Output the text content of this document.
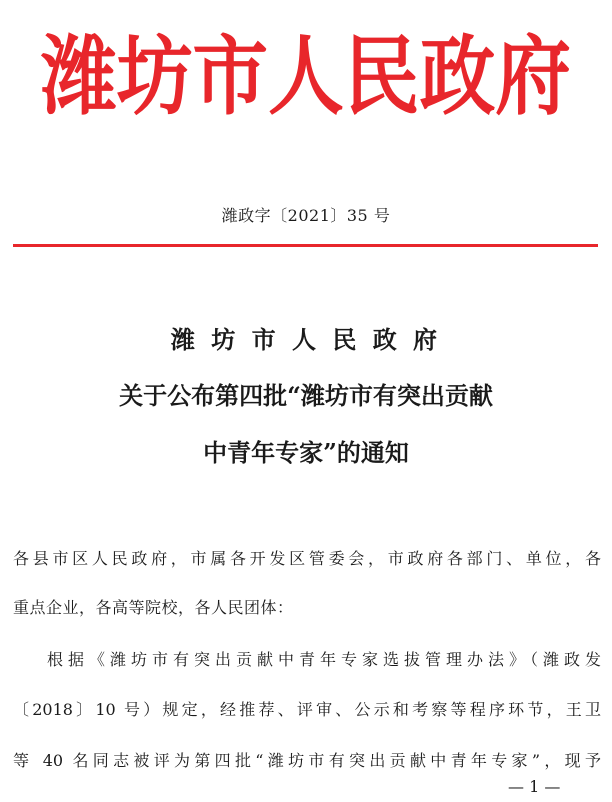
潍坊市人民政府
潍政字〔2021〕35 号
潍 坊 市 人 民 政 府
关于公布第四批“潍坊市有突出贡献
中青年专家”的通知
各县市区人民政府，市属各开发区管委会，市政府各部门、单位，各
重点企业，各高等院校，各人民团体：
根据《潍坊市有突出贡献中青年专家选拔管理办法》（潍政发
〔2018〕10 号）规定，经推荐、评审、公示和考察等程序环节，王卫
等 40 名同志被评为第四批“潍坊市有突出贡献中青年专家”，现予
— 1 —
